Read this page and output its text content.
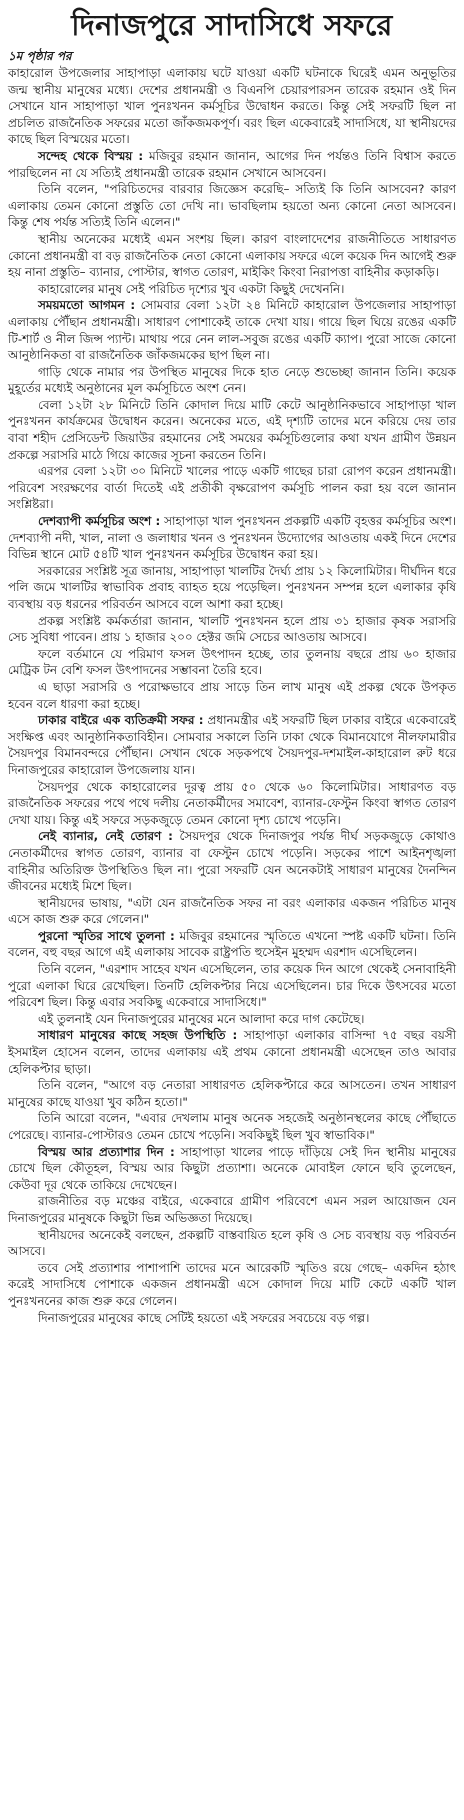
দিনাজপুরে সাদাসিধে সফরে

১ম পৃষ্ঠার পর

কাহারোল উপজেলার সাহাপাড়া এলাকায় ঘটে যাওয়া একটি ঘটনাকে ঘিরেই এমন অনুভূতির জন্ম স্থানীয় মানুষের মধ্যে। দেশের প্রধানমন্ত্রী ও বিএনপি চেয়ারপারসন তারেক রহমান ওই দিন সেখানে যান সাহাপাড়া খাল পুনঃখনন কর্মসূচির উদ্বোধন করতে। কিন্তু সেই সফরটি ছিল না প্রচলিত রাজনৈতিক সফরের মতো জাঁকজমকপূর্ণ। বরং ছিল একেবারেই সাদাসিধে, যা স্থানীয়দের কাছে ছিল বিস্ময়ের মতো।

সন্দেহ থেকে বিস্ময় : মজিবুর রহমান জানান, আগের দিন পর্যন্তও তিনি বিশ্বাস করতে পারছিলেন না যে সত্যিই প্রধানমন্ত্রী তারেক রহমান সেখানে আসবেন।

তিনি বলেন, "পরিচিতদের বারবার জিজ্ঞেস করেছি– সত্যিই কি তিনি আসবেন? কারণ এলাকায় তেমন কোনো প্রস্তুতি তো দেখি না। ভাবছিলাম হয়তো অন্য কোনো নেতা আসবেন। কিন্তু শেষ পর্যন্ত সত্যিই তিনি এলেন।"

স্থানীয় অনেকের মধ্যেই এমন সংশয় ছিল। কারণ বাংলাদেশের রাজনীতিতে সাধারণত কোনো প্রধানমন্ত্রী বা বড় রাজনৈতিক নেতা কোনো এলাকায় সফরে এলে কয়েক দিন আগেই শুরু হয় নানা প্রস্তুতি– ব্যানার, পোস্টার, স্বাগত তোরণ, মাইকিং কিংবা নিরাপত্তা বাহিনীর কড়াকড়ি।

কাহারোলের মানুষ সেই পরিচিত দৃশ্যের খুব একটা কিছুই দেখেননি।

সময়মতো আগমন : সোমবার বেলা ১২টা ২৪ মিনিটে কাহারোল উপজেলার সাহাপাড়া এলাকায় পৌঁছান প্রধানমন্ত্রী। সাধারণ পোশাকেই তাকে দেখা যায়। গায়ে ছিল ঘিয়ে রঙের একটি টি-শার্ট ও নীল জিন্স প্যান্ট। মাথায় পরে নেন লাল-সবুজ রঙের একটি ক্যাপ। পুরো সাজে কোনো আনুষ্ঠানিকতা বা রাজনৈতিক জাঁকজমকের ছাপ ছিল না।

গাড়ি থেকে নামার পর উপস্থিত মানুষের দিকে হাত নেড়ে শুভেচ্ছা জানান তিনি। কয়েক মুহূর্তের মধ্যেই অনুষ্ঠানের মূল কর্মসূচিতে অংশ নেন।

বেলা ১২টা ২৮ মিনিটে তিনি কোদাল দিয়ে মাটি কেটে আনুষ্ঠানিকভাবে সাহাপাড়া খাল পুনঃখনন কার্যক্রমের উদ্বোধন করেন। অনেকের মতে, এই দৃশ্যটি তাদের মনে করিয়ে দেয় তার বাবা শহীদ প্রেসিডেন্ট জিয়াউর রহমানের সেই সময়ের কর্মসূচিগুলোর কথা যখন গ্রামীণ উন্নয়ন প্রকল্পে সরাসরি মাঠে গিয়ে কাজের সূচনা করতেন তিনি।

এরপর বেলা ১২টা ৩০ মিনিটে খালের পাড়ে একটি গাছের চারা রোপণ করেন প্রধানমন্ত্রী। পরিবেশ সংরক্ষণের বার্তা দিতেই এই প্রতীকী বৃক্ষরোপণ কর্মসূচি পালন করা হয় বলে জানান সংশ্লিষ্টরা।

দেশব্যাপী কর্মসূচির অংশ : সাহাপাড়া খাল পুনঃখনন প্রকল্পটি একটি বৃহত্তর কর্মসূচির অংশ। দেশব্যাপী নদী, খাল, নালা ও জলাধার খনন ও পুনঃখনন উদ্যোগের আওতায় একই দিনে দেশের বিভিন্ন স্থানে মোট ৫৪টি খাল পুনঃখনন কর্মসূচির উদ্বোধন করা হয়।

সরকারের সংশ্লিষ্ট সূত্র জানায়, সাহাপাড়া খালটির দৈর্ঘ্য প্রায় ১২ কিলোমিটার। দীর্ঘদিন ধরে পলি জমে খালটির স্বাভাবিক প্রবাহ ব্যাহত হয়ে পড়েছিল। পুনঃখনন সম্পন্ন হলে এলাকার কৃষি ব্যবস্থায় বড় ধরনের পরিবর্তন আসবে বলে আশা করা হচ্ছে।

প্রকল্প সংশ্লিষ্ট কর্মকর্তারা জানান, খালটি পুনঃখনন হলে প্রায় ৩১ হাজার কৃষক সরাসরি সেচ সুবিধা পাবেন। প্রায় ১ হাজার ২০০ হেক্টর জমি সেচের আওতায় আসবে।

ফলে বর্তমানে যে পরিমাণ ফসল উৎপাদন হচ্ছে, তার তুলনায় বছরে প্রায় ৬০ হাজার মেট্রিক টন বেশি ফসল উৎপাদনের সম্ভাবনা তৈরি হবে।

এ ছাড়া সরাসরি ও পরোক্ষভাবে প্রায় সাড়ে তিন লাখ মানুষ এই প্রকল্প থেকে উপকৃত হবেন বলে ধারণা করা হচ্ছে।

ঢাকার বাইরে এক ব্যতিক্রমী সফর : প্রধানমন্ত্রীর এই সফরটি ছিল ঢাকার বাইরে একেবারেই সংক্ষিপ্ত এবং আনুষ্ঠানিকতাবিহীন। সোমবার সকালে তিনি ঢাকা থেকে বিমানযোগে নীলফামারীর সৈয়দপুর বিমানবন্দরে পৌঁছান। সেখান থেকে সড়কপথে সৈয়দপুর-দশমাইল-কাহারোল রুট ধরে দিনাজপুরের কাহারোল উপজেলায় যান।

সৈয়দপুর থেকে কাহারোলের দূরত্ব প্রায় ৫০ থেকে ৬০ কিলোমিটার। সাধারণত বড় রাজনৈতিক সফরের পথে পথে দলীয় নেতাকর্মীদের সমাবেশ, ব্যানার-ফেস্টুন কিংবা স্বাগত তোরণ দেখা যায়। কিন্তু এই সফরে সড়কজুড়ে তেমন কোনো দৃশ্য চোখে পড়েনি।

নেই ব্যানার, নেই তোরণ : সৈয়দপুর থেকে দিনাজপুর পর্যন্ত দীর্ঘ সড়কজুড়ে কোথাও নেতাকর্মীদের স্বাগত তোরণ, ব্যানার বা ফেস্টুন চোখে পড়েনি। সড়কের পাশে আইনশৃঙ্খলা বাহিনীর অতিরিক্ত উপস্থিতিও ছিল না। পুরো সফরটি যেন অনেকটাই সাধারণ মানুষের দৈনন্দিন জীবনের মধ্যেই মিশে ছিল।

স্থানীয়দের ভাষায়, "এটা যেন রাজনৈতিক সফর না বরং এলাকার একজন পরিচিত মানুষ এসে কাজ শুরু করে গেলেন।"

পুরনো স্মৃতির সাথে তুলনা : মজিবুর রহমানের স্মৃতিতে এখনো স্পষ্ট একটি ঘটনা। তিনি বলেন, বহু বছর আগে এই এলাকায় সাবেক রাষ্ট্রপতি হুসেইন মুহম্মদ এরশাদ এসেছিলেন।

তিনি বলেন, "এরশাদ সাহেব যখন এসেছিলেন, তার কয়েক দিন আগে থেকেই সেনাবাহিনী পুরো এলাকা ঘিরে রেখেছিল। তিনটি হেলিকপ্টার নিয়ে এসেছিলেন। চার দিকে উৎসবের মতো পরিবেশ ছিল। কিন্তু এবার সবকিছু একেবারে সাদাসিধে।"

এই তুলনাই যেন দিনাজপুরের মানুষের মনে আলাদা করে দাগ কেটেছে।

সাধারণ মানুষের কাছে সহজ উপস্থিতি : সাহাপাড়া এলাকার বাসিন্দা ৭৫ বছর বয়সী ইসমাইল হোসেন বলেন, তাদের এলাকায় এই প্রথম কোনো প্রধানমন্ত্রী এসেছেন তাও আবার হেলিকপ্টার ছাড়া।

তিনি বলেন, "আগে বড় নেতারা সাধারণত হেলিকপ্টারে করে আসতেন। তখন সাধারণ মানুষের কাছে যাওয়া খুব কঠিন হতো।"

তিনি আরো বলেন, "এবার দেখলাম মানুষ অনেক সহজেই অনুষ্ঠানস্থলের কাছে পৌঁছাতে পেরেছে। ব্যানার-পোস্টারও তেমন চোখে পড়েনি। সবকিছুই ছিল খুব স্বাভাবিক।"

বিস্ময় আর প্রত্যাশার দিন : সাহাপাড়া খালের পাড়ে দাঁড়িয়ে সেই দিন স্থানীয় মানুষের চোখে ছিল কৌতূহল, বিস্ময় আর কিছুটা প্রত্যাশা। অনেকে মোবাইল ফোনে ছবি তুলেছেন, কেউবা দূর থেকে তাকিয়ে দেখেছেন।

রাজনীতির বড় মঞ্চের বাইরে, একেবারে গ্রামীণ পরিবেশে এমন সরল আয়োজন যেন দিনাজপুরের মানুষকে কিছুটা ভিন্ন অভিজ্ঞতা দিয়েছে।

স্থানীয়দের অনেকেই বলছেন, প্রকল্পটি বাস্তবায়িত হলে কৃষি ও সেচ ব্যবস্থায় বড় পরিবর্তন আসবে।

তবে সেই প্রত্যাশার পাশাপাশি তাদের মনে আরেকটি স্মৃতিও রয়ে গেছে– একদিন হঠাৎ করেই সাদাসিধে পোশাকে একজন প্রধানমন্ত্রী এসে কোদাল দিয়ে মাটি কেটে একটি খাল পুনঃখননের কাজ শুরু করে গেলেন।

দিনাজপুরের মানুষের কাছে সেটিই হয়তো এই সফরের সবচেয়ে বড় গল্প।
